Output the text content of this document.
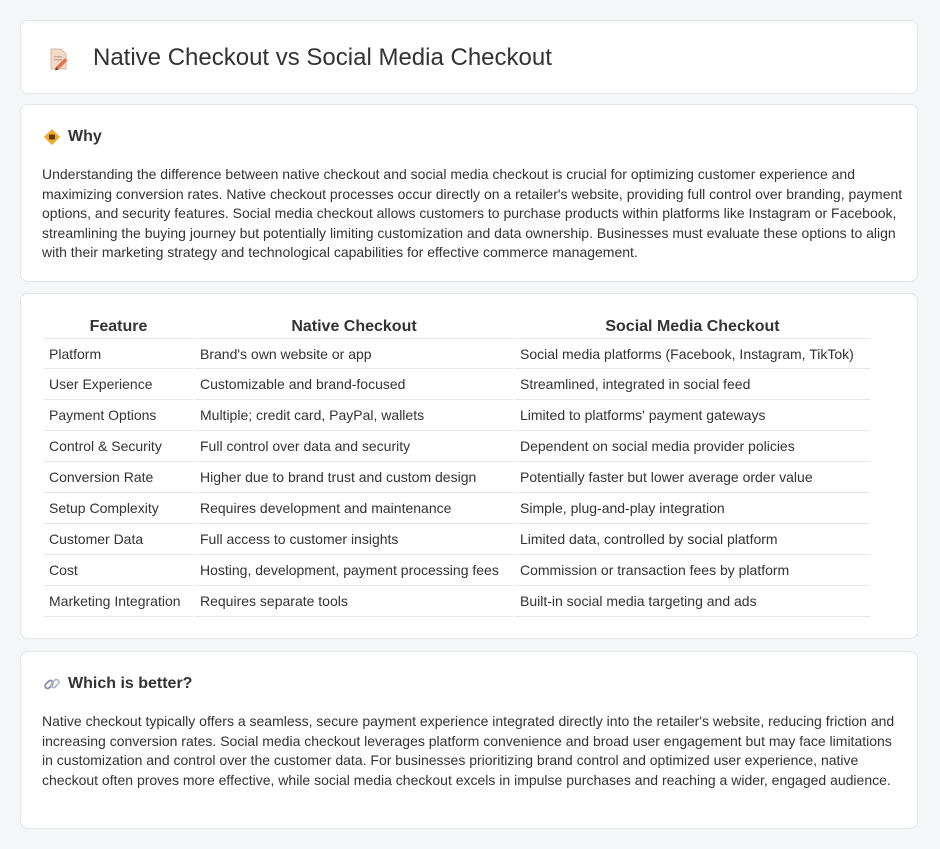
Native Checkout vs Social Media Checkout
Why

Understanding the difference between native checkout and social media checkout is crucial for optimizing customer experience and maximizing conversion rates. Native checkout processes occur directly on a retailer's website, providing full control over branding, payment options, and security features. Social media checkout allows customers to purchase products within platforms like Instagram or Facebook, streamlining the buying journey but potentially limiting customization and data ownership. Businesses must evaluate these options to align with their marketing strategy and technological capabilities for effective commerce management.

Feature	Native Checkout	Social Media Checkout
Platform	Brand's own website or app	Social media platforms (Facebook, Instagram, TikTok)
User Experience	Customizable and brand-focused	Streamlined, integrated in social feed
Payment Options	Multiple; credit card, PayPal, wallets	Limited to platforms' payment gateways
Control & Security	Full control over data and security	Dependent on social media provider policies
Conversion Rate	Higher due to brand trust and custom design	Potentially faster but lower average order value
Setup Complexity	Requires development and maintenance	Simple, plug-and-play integration
Customer Data	Full access to customer insights	Limited data, controlled by social platform
Cost	Hosting, development, payment processing fees	Commission or transaction fees by platform
Marketing Integration	Requires separate tools	Built-in social media targeting and ads
Which is better?

Native checkout typically offers a seamless, secure payment experience integrated directly into the retailer's website, reducing friction and increasing conversion rates. Social media checkout leverages platform convenience and broad user engagement but may face limitations in customization and control over the customer data. For businesses prioritizing brand control and optimized user experience, native checkout often proves more effective, while social media checkout excels in impulse purchases and reaching a wider, engaged audience.
